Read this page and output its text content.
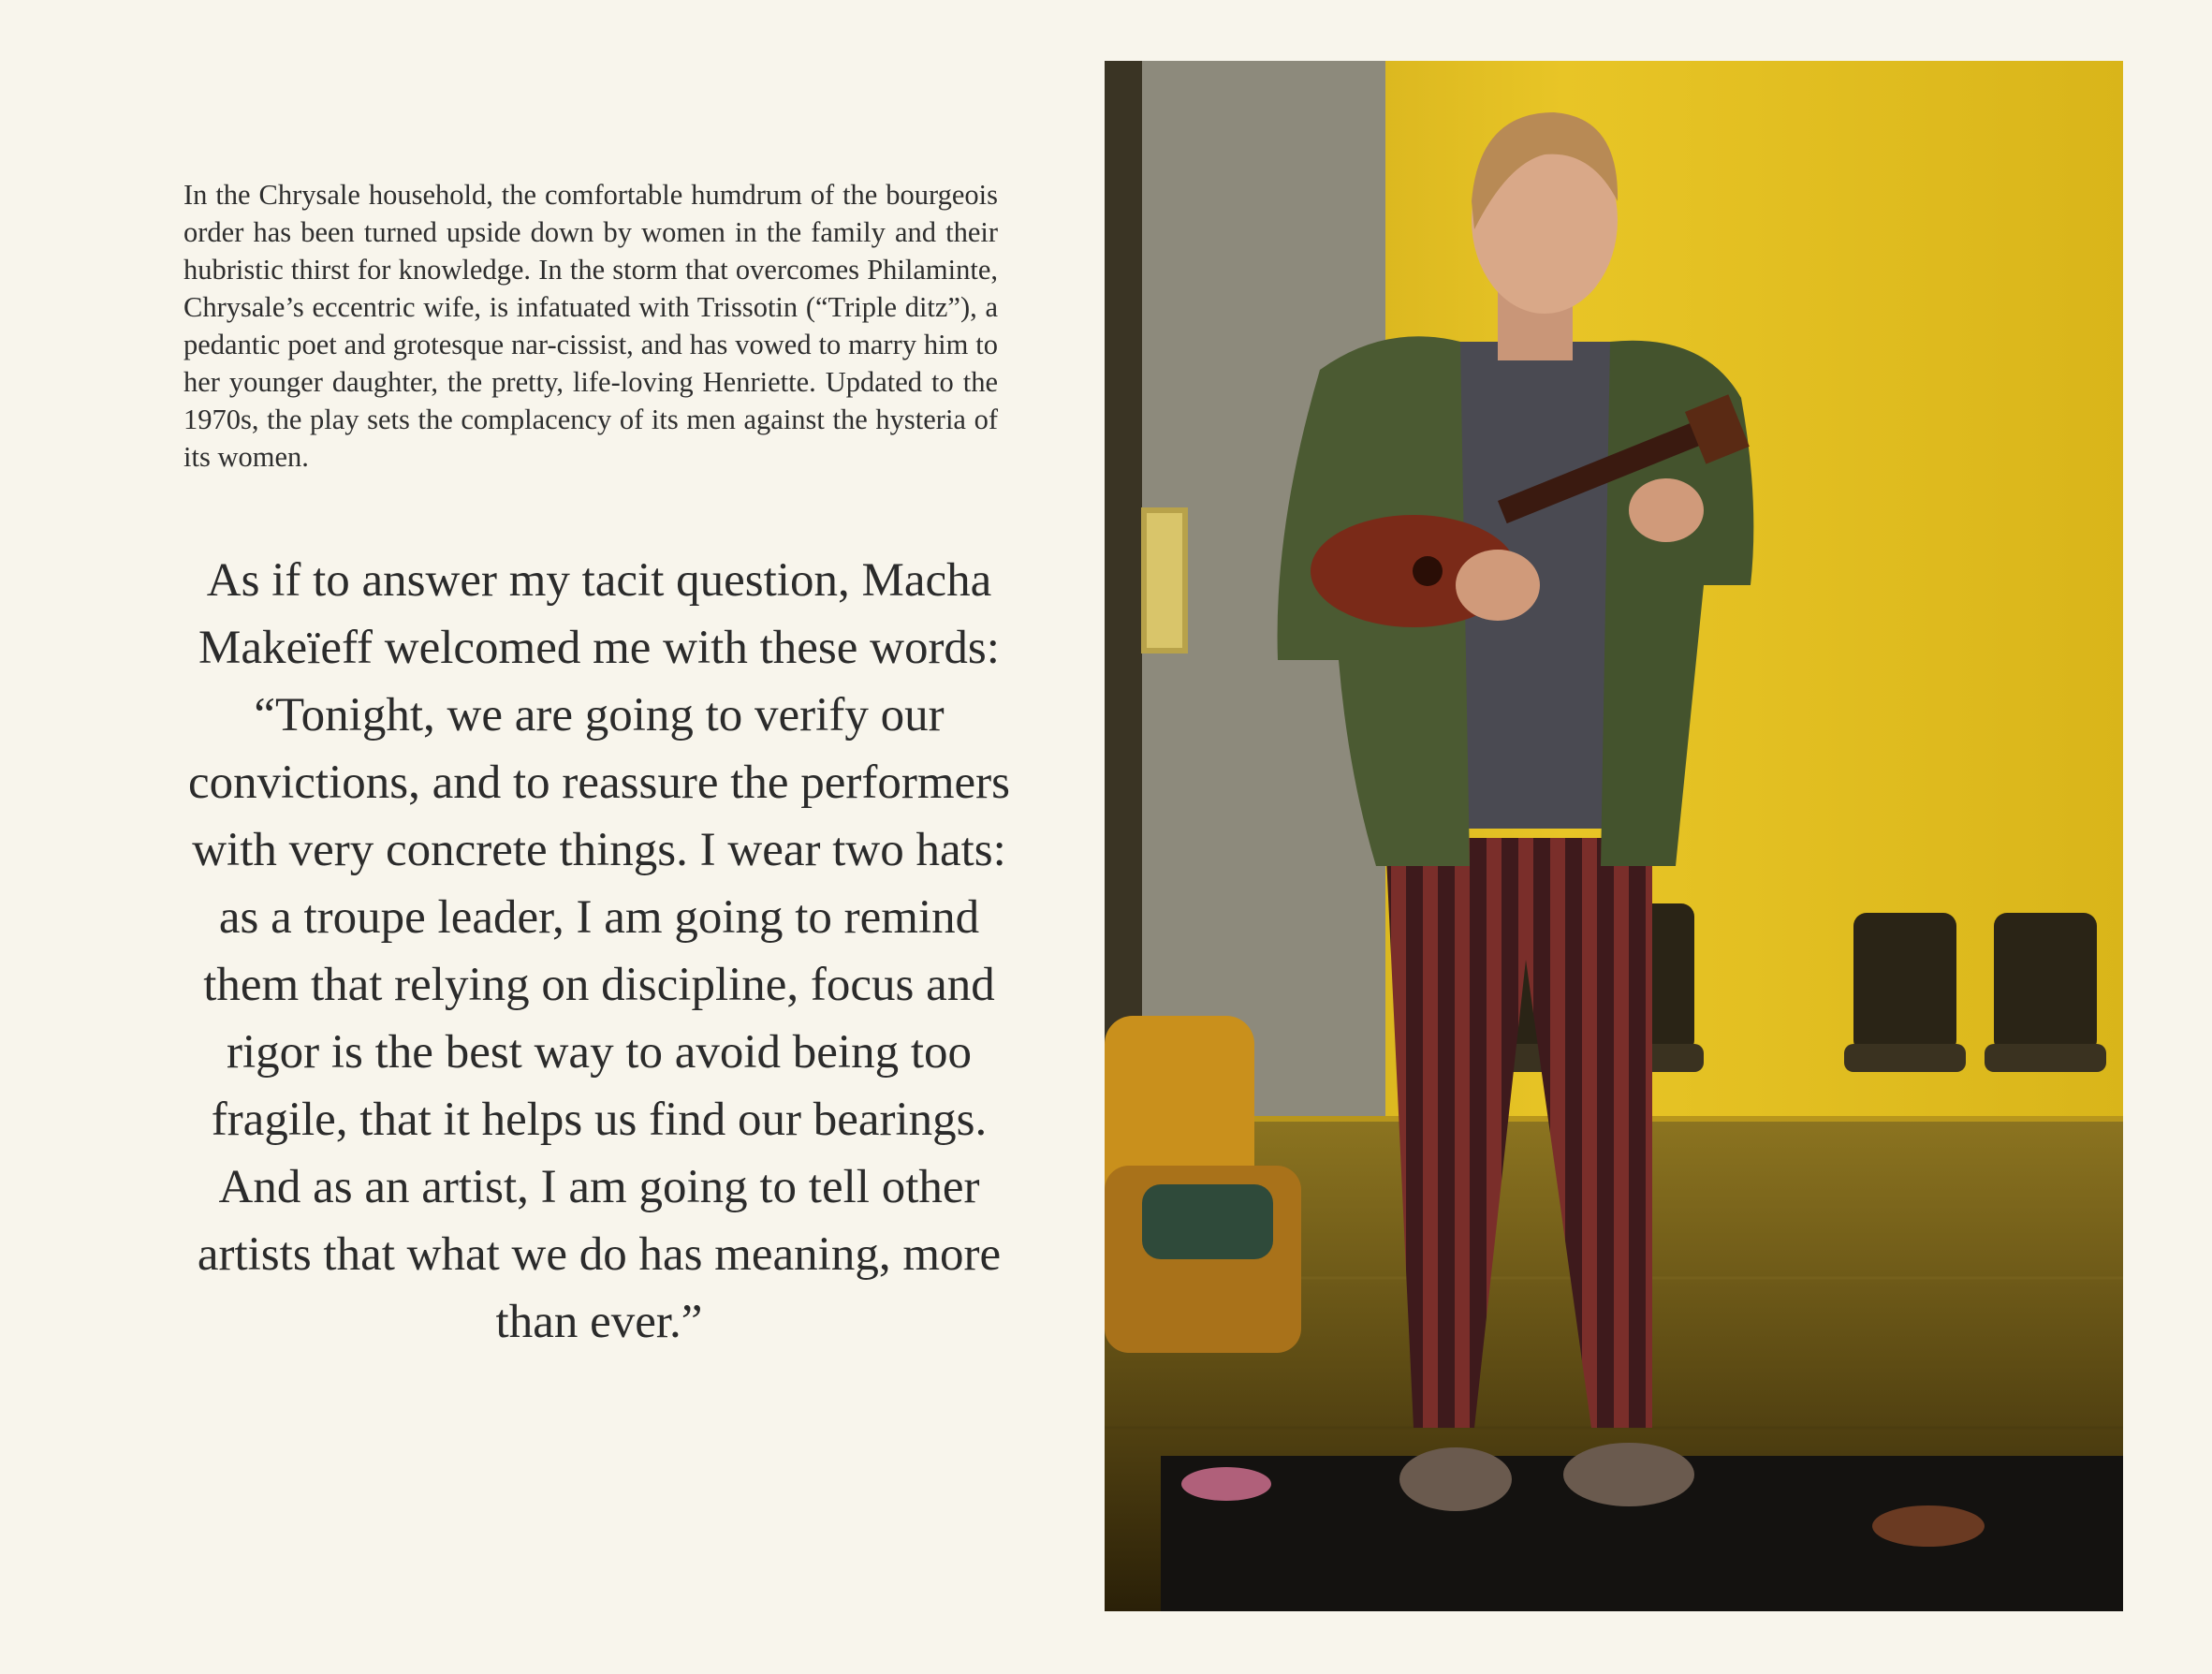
In the Chrysale household, the comfortable humdrum of the bourgeois order has been turned upside down by women in the family and their hubristic thirst for knowledge. In the storm that overcomes Philaminte, Chrysale’s eccentric wife, is infatuated with Trissotin (“Triple ditz”), a pedantic poet and grotesque nar-cissist, and has vowed to marry him to her younger daughter, the pretty, life-loving Henriette. Updated to the 1970s, the play sets the complacency of its men against the hysteria of its women.

As if to answer my tacit question, Macha Makeïeff welcomed me with these words: “Tonight, we are going to verify our convictions, and to reassure the performers with very concrete things. I wear two hats: as a troupe leader, I am going to remind them that relying on discipline, focus and rigor is the best way to avoid being too fragile, that it helps us find our bearings. And as an artist, I am going to tell other artists that what we do has meaning, more than ever.”
